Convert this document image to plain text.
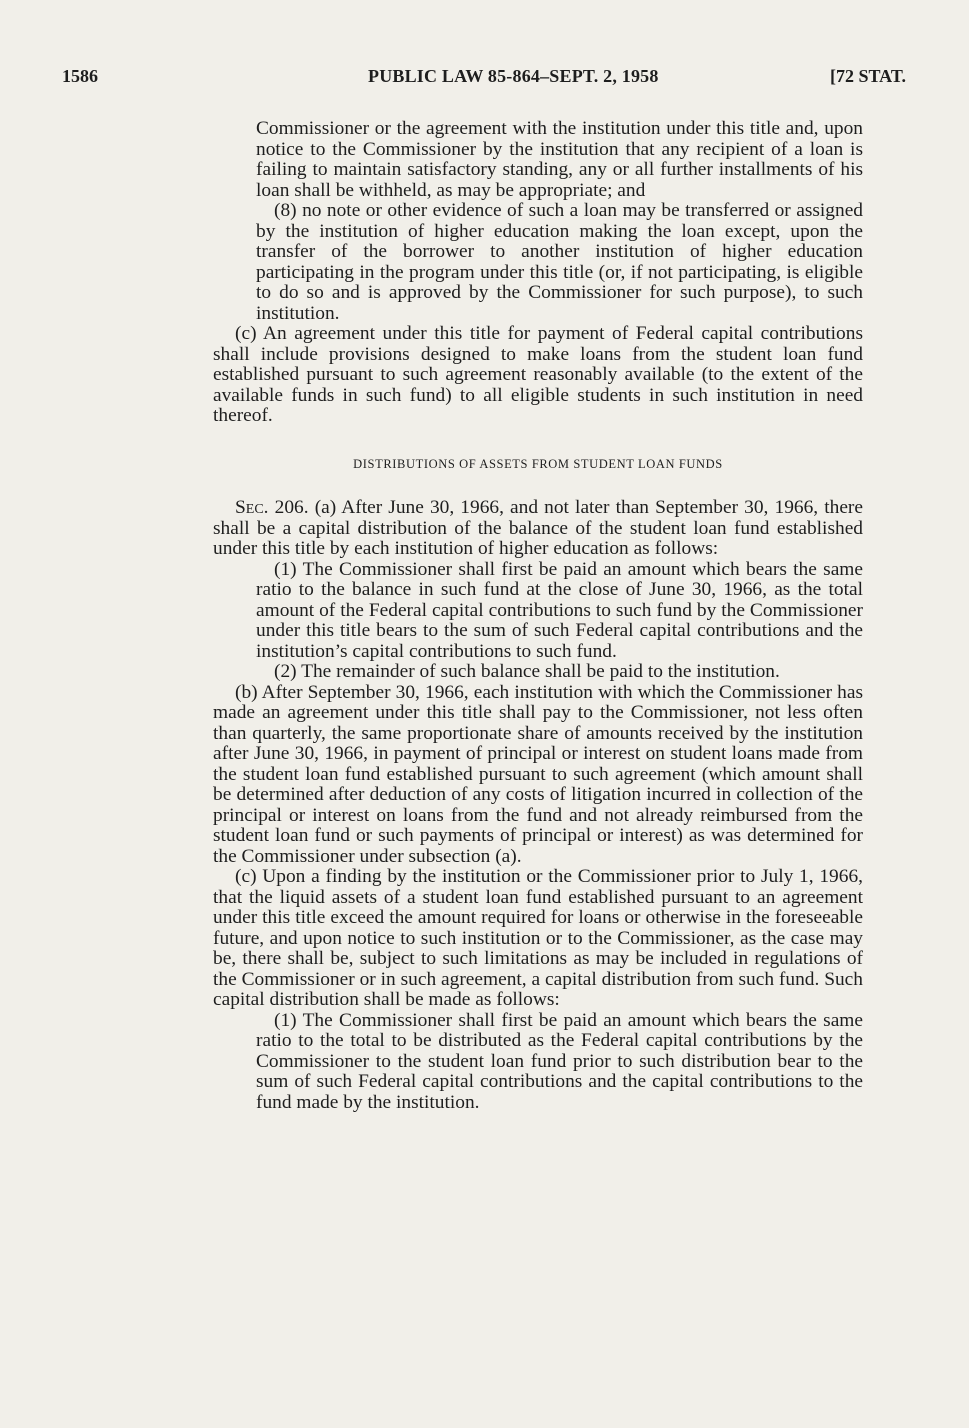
1586	PUBLIC LAW 85-864–SEPT. 2, 1958	[72 STAT.

Commissioner or the agreement with the institution under this title and, upon notice to the Commissioner by the institution that any recipient of a loan is failing to maintain satisfactory standing, any or all further installments of his loan shall be withheld, as may be appropriate; and

(8) no note or other evidence of such a loan may be transferred or assigned by the institution of higher education making the loan except, upon the transfer of the borrower to another institution of higher education participating in the program under this title (or, if not participating, is eligible to do so and is approved by the Commissioner for such purpose), to such institution.

(c) An agreement under this title for payment of Federal capital contributions shall include provisions designed to make loans from the student loan fund established pursuant to such agreement reasonably available (to the extent of the available funds in such fund) to all eligible students in such institution in need thereof.

DISTRIBUTIONS OF ASSETS FROM STUDENT LOAN FUNDS

Sec. 206. (a) After June 30, 1966, and not later than September 30, 1966, there shall be a capital distribution of the balance of the student loan fund established under this title by each institution of higher education as follows:

(1) The Commissioner shall first be paid an amount which bears the same ratio to the balance in such fund at the close of June 30, 1966, as the total amount of the Federal capital contributions to such fund by the Commissioner under this title bears to the sum of such Federal capital contributions and the institution’s capital contributions to such fund.

(2) The remainder of such balance shall be paid to the institution.

(b) After September 30, 1966, each institution with which the Commissioner has made an agreement under this title shall pay to the Commissioner, not less often than quarterly, the same proportionate share of amounts received by the institution after June 30, 1966, in payment of principal or interest on student loans made from the student loan fund established pursuant to such agreement (which amount shall be determined after deduction of any costs of litigation incurred in collection of the principal or interest on loans from the fund and not already reimbursed from the student loan fund or such payments of principal or interest) as was determined for the Commissioner under subsection (a).

(c) Upon a finding by the institution or the Commissioner prior to July 1, 1966, that the liquid assets of a student loan fund established pursuant to an agreement under this title exceed the amount required for loans or otherwise in the foreseeable future, and upon notice to such institution or to the Commissioner, as the case may be, there shall be, subject to such limitations as may be included in regulations of the Commissioner or in such agreement, a capital distribution from such fund. Such capital distribution shall be made as follows:

(1) The Commissioner shall first be paid an amount which bears the same ratio to the total to be distributed as the Federal capital contributions by the Commissioner to the student loan fund prior to such distribution bear to the sum of such Federal capital contributions and the capital contributions to the fund made by the institution.
